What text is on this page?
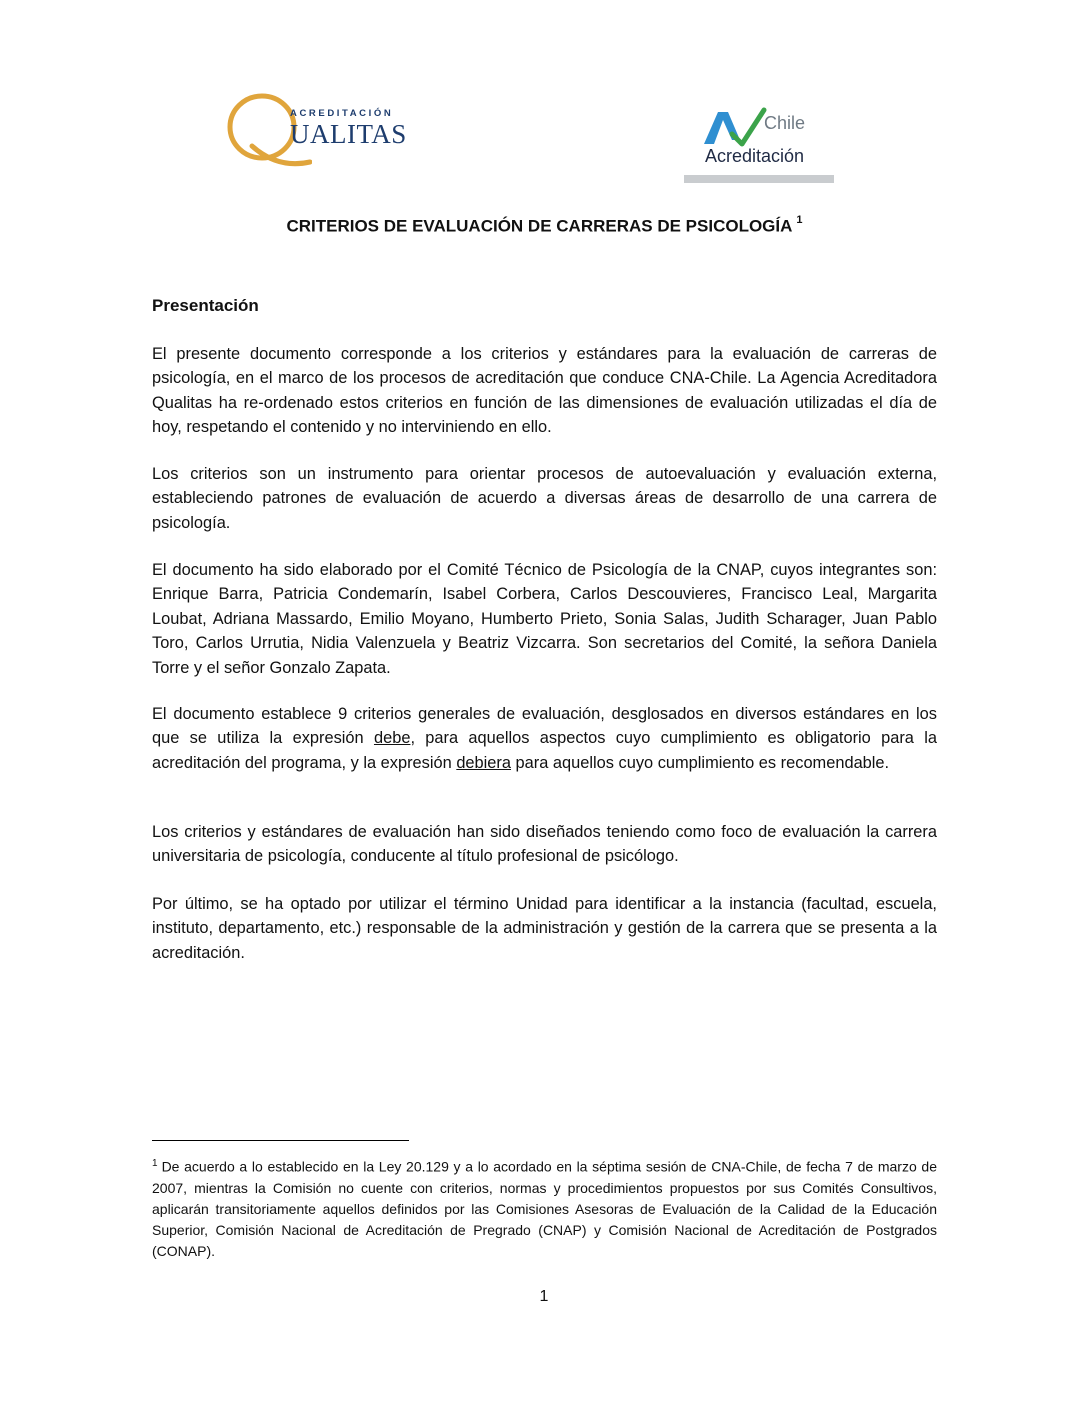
ACREDITACIÓN
UALITAS	Chile
Acreditación
CRITERIOS DE EVALUACIÓN DE CARRERAS DE PSICOLOGÍA $^1$
Presentación

El presente documento corresponde a los criterios y estándares para la evaluación de carreras de psicología, en el marco de los procesos de acreditación que conduce CNA-Chile. La Agencia Acreditadora Qualitas ha re-ordenado estos criterios en función de las dimensiones de evaluación utilizadas el día de hoy, respetando el contenido y no interviniendo en ello.

Los criterios son un instrumento para orientar procesos de autoevaluación y evaluación externa, estableciendo patrones de evaluación de acuerdo a diversas áreas de desarrollo de una carrera de psicología.

El documento ha sido elaborado por el Comité Técnico de Psicología de la CNAP, cuyos integrantes son: Enrique Barra, Patricia Condemarín, Isabel Corbera, Carlos Descouvieres, Francisco Leal, Margarita Loubat, Adriana Massardo, Emilio Moyano, Humberto Prieto, Sonia Salas, Judith Scharager, Juan Pablo Toro, Carlos Urrutia, Nidia Valenzuela y Beatriz Vizcarra. Son secretarios del Comité, la señora Daniela Torre y el señor Gonzalo Zapata.

El documento establece 9 criterios generales de evaluación, desglosados en diversos estándares en los que se utiliza la expresión debe, para aquellos aspectos cuyo cumplimiento es obligatorio para la acreditación del programa, y la expresión debiera para aquellos cuyo cumplimiento es recomendable.

Los criterios y estándares de evaluación han sido diseñados teniendo como foco de evaluación la carrera universitaria de psicología, conducente al título profesional de psicólogo.

Por último, se ha optado por utilizar el término Unidad para identificar a la instancia (facultad, escuela, instituto, departamento, etc.) responsable de la administración y gestión de la carrera que se presenta a la acreditación.

$^1$ De acuerdo a lo establecido en la Ley 20.129 y a lo acordado en la séptima sesión de CNA-Chile, de fecha 7 de marzo de 2007, mientras la Comisión no cuente con criterios, normas y procedimientos propuestos por sus Comités Consultivos, aplicarán transitoriamente aquellos definidos por las Comisiones Asesoras de Evaluación de la Calidad de la Educación Superior, Comisión Nacional de Acreditación de Pregrado (CNAP) y Comisión Nacional de Acreditación de Postgrados (CONAP).

1
